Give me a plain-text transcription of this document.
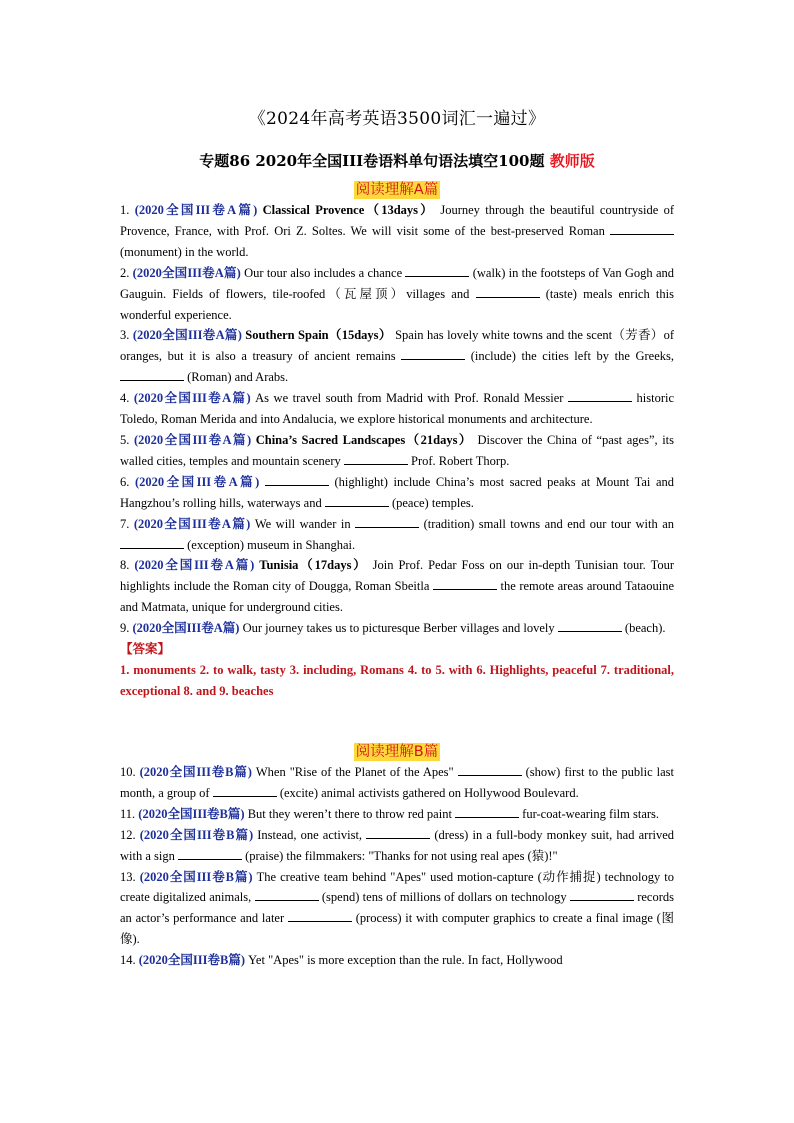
《2024年高考英语3500词汇一遍过》
专题86 2020年全国III卷语料单句语法填空100题 教师版
阅读理解A篇

1. (2020全国III卷A篇) Classical Provence（13days） Journey through the beautiful countryside of Provence, France, with Prof. Ori Z. Soltes. We will visit some of the best-preserved Roman  (monument) in the world.

2. (2020全国III卷A篇) Our tour also includes a chance	(walk) in the footsteps of Van Gogh and Gauguin. Fields of flowers, tile-roofed（瓦屋顶）villages and	(taste) meals enrich this wonderful experience.

3. (2020全国III卷A篇) Southern Spain（15days） Spain has lovely white towns and the scent（芳香）of oranges, but it is also a treasury of ancient remains	(include) the cities left by the Greeks,  (Roman) and Arabs.

4. (2020全国III卷A篇) As we travel south from Madrid with Prof. Ronald Messier	historic Toledo, Roman Merida and into Andalucia, we explore historical monuments and architecture.

5. (2020全国III卷A篇) China’s Sacred Landscapes（21days） Discover the China of “past ages”, its walled cities, temples and mountain scenery	Prof. Robert Thorp.

6. (2020全国III卷A篇)	(highlight) include China’s most sacred peaks at Mount Tai and Hangzhou’s rolling hills, waterways and	(peace) temples.

7. (2020全国III卷A篇) We will wander in	(tradition) small towns and end our tour with an  (exception) museum in Shanghai.

8. (2020全国III卷A篇) Tunisia（17days） Join Prof. Pedar Foss on our in-depth Tunisian tour. Tour highlights include the Roman city of Dougga, Roman Sbeitla	the remote areas around Tataouine and Matmata, unique for underground cities.

9. (2020全国III卷A篇) Our journey takes us to picturesque Berber villages and lovely	(beach).

【答案】

1. monuments 2. to walk, tasty 3. including, Romans 4. to 5. with 6. Highlights, peaceful 7. traditional, exceptional 8. and 9. beaches

阅读理解B篇

10. (2020全国III卷B篇) When "Rise of the Planet of the Apes"	(show) first to the public last month, a group of	(excite) animal activists gathered on Hollywood Boulevard.

11. (2020全国III卷B篇) But they weren’t there to throw red paint	fur-coat-wearing film stars.

12. (2020全国III卷B篇) Instead, one activist,	(dress) in a full-body monkey suit, had arrived with a sign	(praise) the filmmakers: "Thanks for not using real apes (猿)!"

13. (2020全国III卷B篇) The creative team behind "Apes" used motion-capture (动作捕捉) technology to create digitalized animals,	(spend) tens of millions of dollars on technology	records an actor’s performance and later	(process) it with computer graphics to create a final image (图像).

14. (2020全国III卷B篇) Yet "Apes" is more exception than the rule. In fact, Hollywood
